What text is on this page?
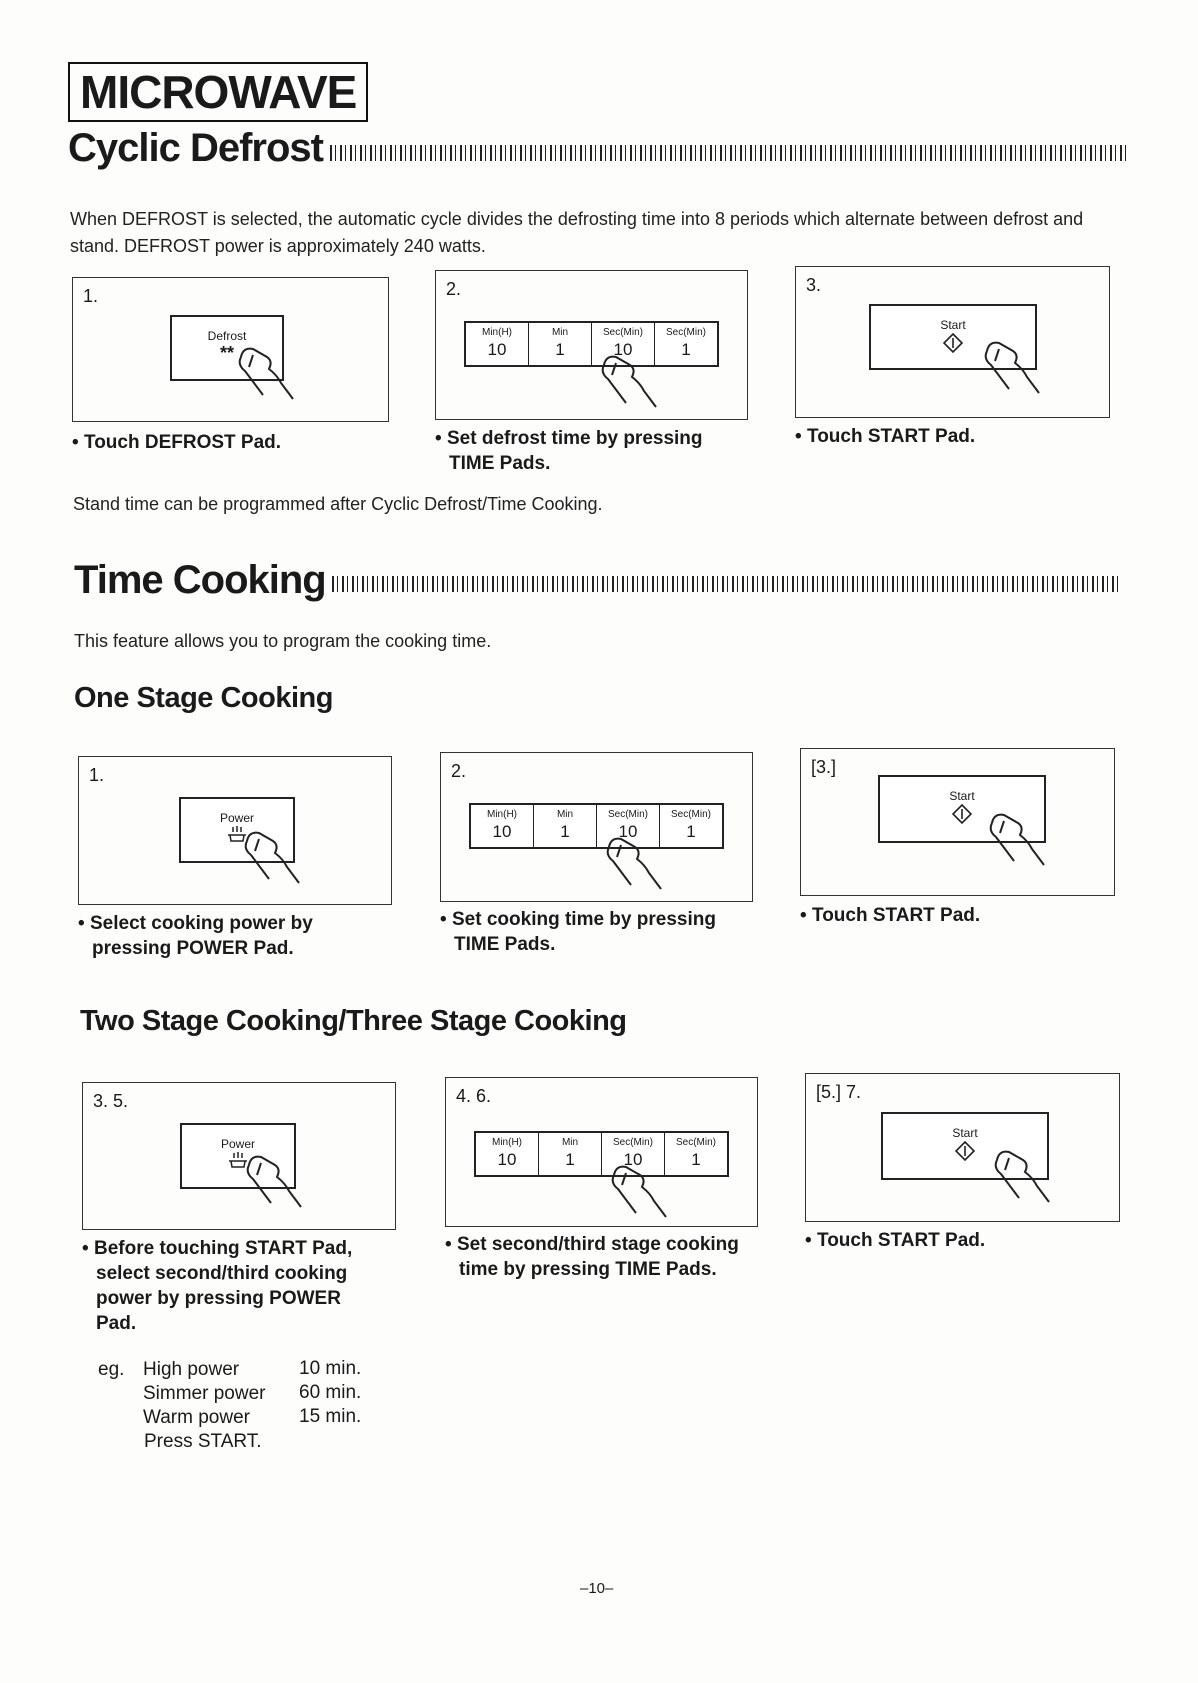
MICROWAVE
Cyclic Defrost
When DEFROST is selected, the automatic cycle divides the defrosting time into 8 periods which alternate between defrost and stand. DEFROST power is approximately 240 watts.
1.
Defrost
**
• Touch DEFROST Pad.
2.
Min(H)
10
Min
1
Sec(Min)
10
Sec(Min)
1
• Set defrost time by pressing
TIME Pads.
3.
Start
• Touch START Pad.
Stand time can be programmed after Cyclic Defrost/Time Cooking.
Time Cooking
This feature allows you to program the cooking time.
One Stage Cooking
1.
Power
• Select cooking power by
pressing POWER Pad.
2.
Min(H)
10
Min
1
Sec(Min)
10
Sec(Min)
1
• Set cooking time by pressing
TIME Pads.
[3.]
Start
• Touch START Pad.
Two Stage Cooking/Three Stage Cooking
3. 5.
Power
• Before touching START Pad,
select second/third cooking
power by pressing POWER
Pad.
4. 6.
Min(H)
10
Min
1
Sec(Min)
10
Sec(Min)
1
• Set second/third stage cooking
time by pressing TIME Pads.
[5.] 7.
Start
• Touch START Pad.
eg. High power	10 min.
Simmer power 60 min.
Warm power	15 min.
Press START.
–10–
